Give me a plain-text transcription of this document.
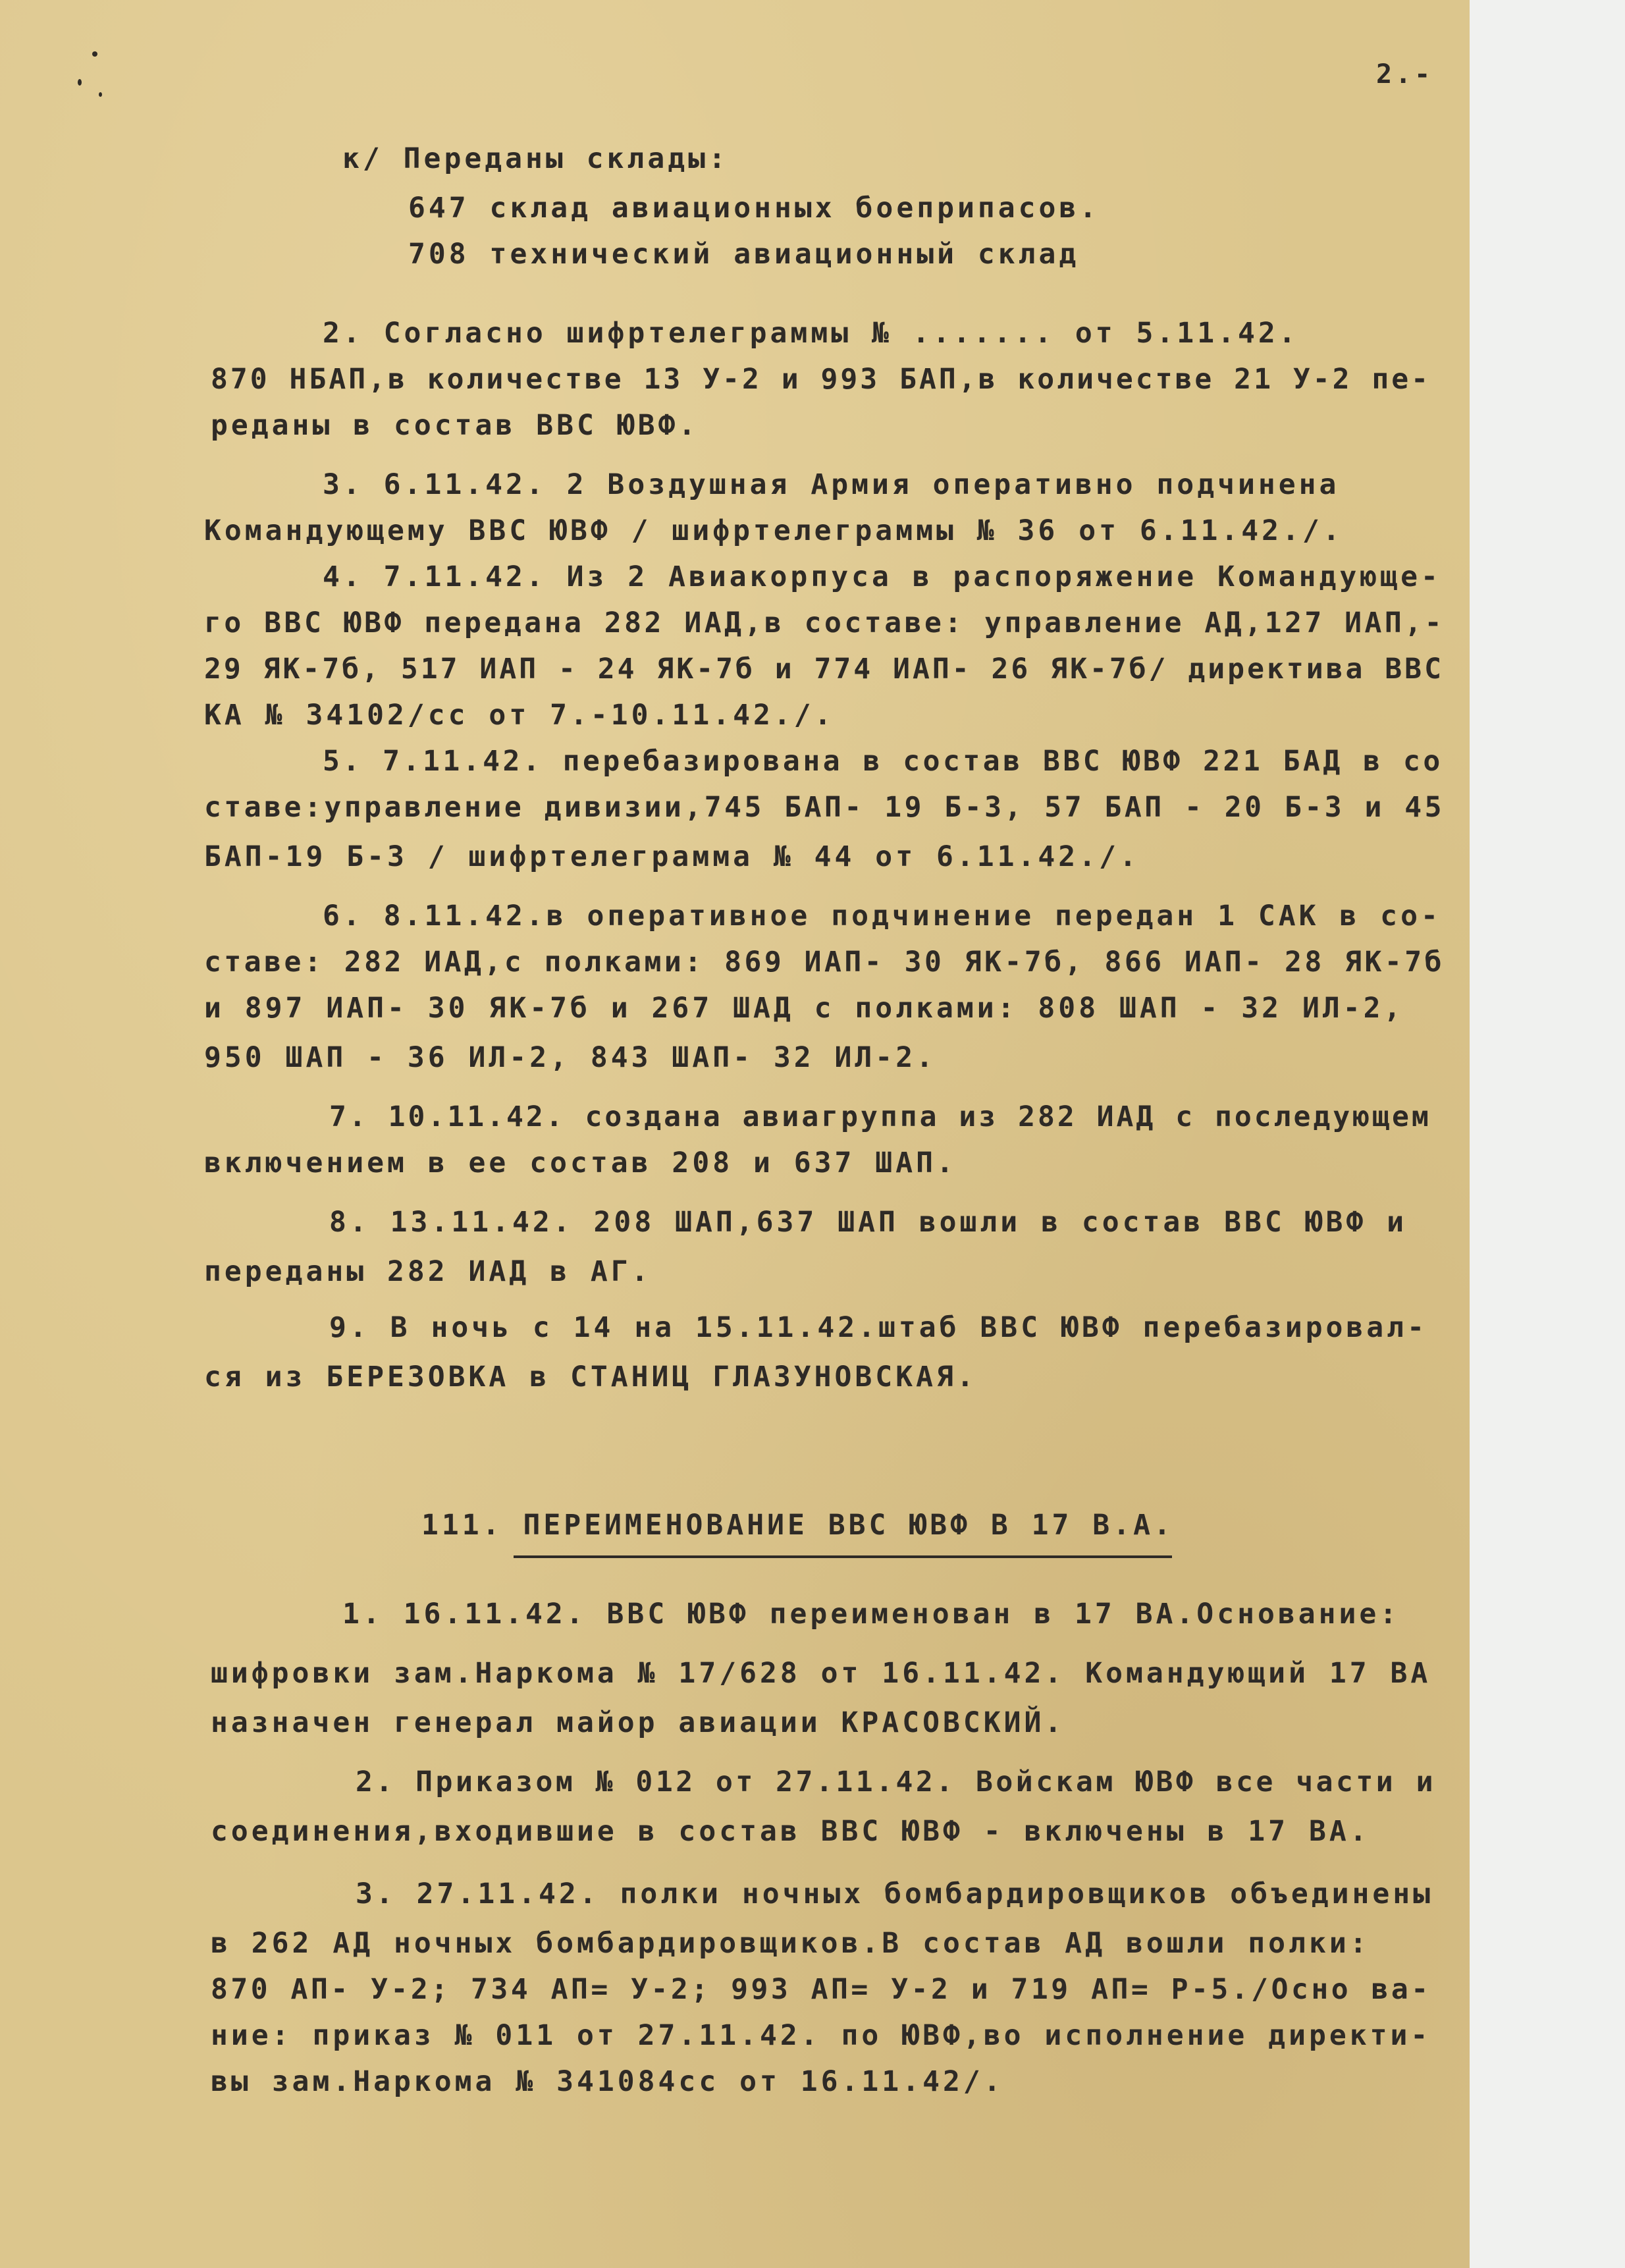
2.-
к/ Переданы склады:
647 склад авиационных боеприпасов.
708 технический авиационный склад
2. Согласно шифртелеграммы № ....... от 5.11.42.
870 НБАП,в количестве 13 У-2 и 993 БАП,в количестве 21 У-2 пе-
реданы в состав ВВС ЮВФ.
3. 6.11.42. 2 Воздушная Армия оперативно подчинена
Командующему ВВС ЮВФ / шифртелеграммы № 36 от 6.11.42./.
4. 7.11.42. Из 2 Авиакорпуса в распоряжение Командующе-
го ВВС ЮВФ передана 282 ИАД,в составе: управление АД,127 ИАП,-
29 ЯК-7б, 517 ИАП - 24 ЯК-7б и 774 ИАП- 26 ЯК-7б/ директива ВВС
КА № 34102/сс от 7.-10.11.42./.
5. 7.11.42. перебазирована в состав ВВС ЮВФ 221 БАД в со
ставе:управление дивизии,745 БАП- 19 Б-3, 57 БАП - 20 Б-3 и 45
БАП-19 Б-3 / шифртелеграмма № 44 от 6.11.42./.
6. 8.11.42.в оперативное подчинение передан 1 САК в со-
ставе: 282 ИАД,с полками: 869 ИАП- 30 ЯК-7б, 866 ИАП- 28 ЯК-7б
и 897 ИАП- 30 ЯК-7б и 267 ШАД с полками: 808 ШАП - 32 ИЛ-2,
950 ШАП - 36 ИЛ-2, 843 ШАП- 32 ИЛ-2.
7. 10.11.42. создана авиагруппа из 282 ИАД с последующем
включением в ее состав 208 и 637 ШАП.
8. 13.11.42. 208 ШАП,637 ШАП вошли в состав ВВС ЮВФ и
переданы 282 ИАД в АГ.
9. В ночь с 14 на 15.11.42.штаб ВВС ЮВФ перебазировал-
ся из БЕРЕЗОВКА в СТАНИЦ ГЛАЗУНОВСКАЯ.
111. ПЕРЕИМЕНОВАНИЕ ВВС ЮВФ В 17 В.А.
1. 16.11.42. ВВС ЮВФ переименован в 17 ВА.Основание:
шифровки зам.Наркома № 17/628 от 16.11.42. Командующий 17 ВА
назначен генерал майор авиации КРАСОВСКИЙ.
2. Приказом № 012 от 27.11.42. Войскам ЮВФ все части и
соединения,входившие в состав ВВС ЮВФ - включены в 17 ВА.
3. 27.11.42. полки ночных бомбардировщиков объединены
в 262 АД ночных бомбардировщиков.В состав АД вошли полки:
870 АП- У-2; 734 АП= У-2; 993 АП= У-2 и 719 АП= Р-5./Осно ва-
ние: приказ № 011 от 27.11.42. по ЮВФ,во исполнение директи-
вы зам.Наркома № 341084сс от 16.11.42/.
